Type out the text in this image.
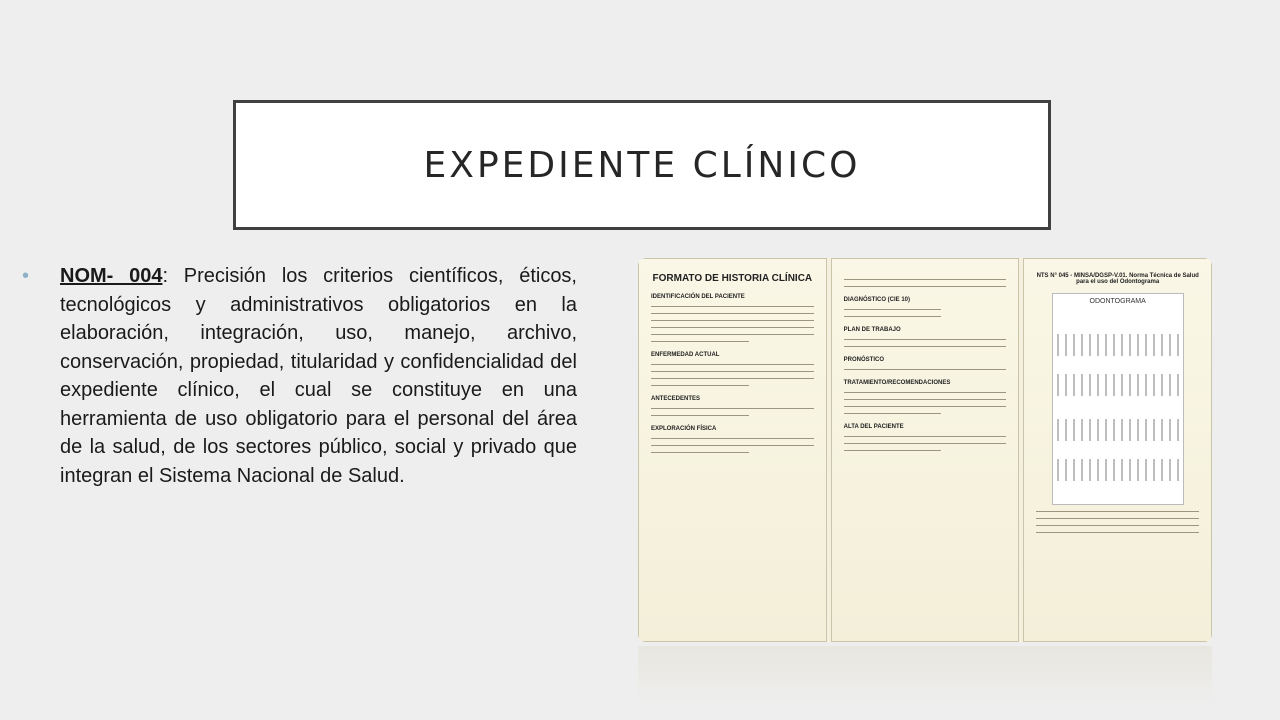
EXPEDIENTE CLÍNICO

• NOM- 004: Precisión los criterios científicos, éticos, tecnológicos y administrativos obligatorios en la elaboración, integración, uso, manejo, archivo, conservación, propiedad, titularidad y confidencialidad del expediente clínico, el cual se constituye en una herramienta de uso obligatorio para el personal del área de la salud, de los sectores público, social y privado que integran el Sistema Nacional de Salud.

FORMATO DE HISTORIA CLÍNICA
IDENTIFICACIÓN DEL PACIENTE
ENFERMEDAD ACTUAL
ANTECEDENTES
EXPLORACIÓN FÍSICA
DIAGNÓSTICO (CIE 10)
PLAN DE TRABAJO
PRONÓSTICO
TRATAMIENTO/RECOMENDACIONES
ALTA DEL PACIENTE
NTS N° 045 - MINSA/DGSP-V.01. Norma Técnica de Salud para el uso del Odontograma
ODONTOGRAMA
